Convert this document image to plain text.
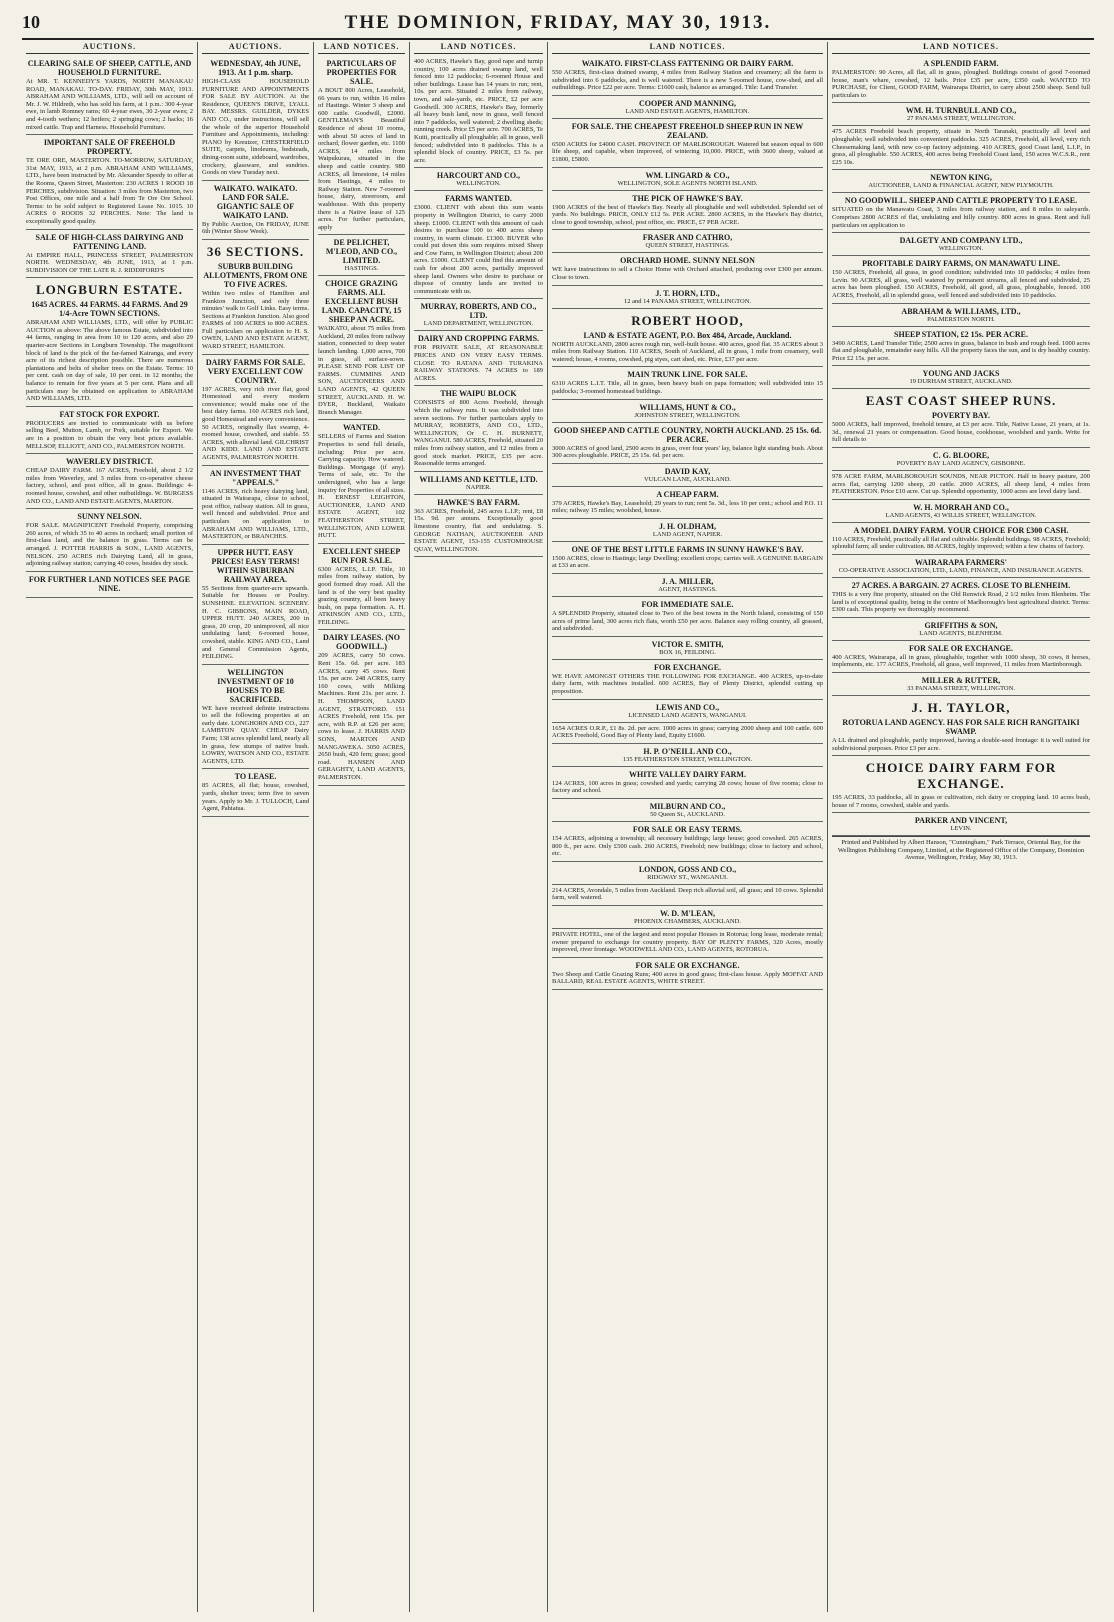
10	THE DOMINION, FRIDAY, MAY 30, 1913.
AUCTIONS.
CLEARING SALE OF SHEEP, CATTLE, AND HOUSEHOLD FURNITURE.
At MR. T. KENNEDY'S YARDS, NORTH MANAKAU ROAD, MANAKAU. TO-DAY. FRIDAY, 30th MAY, 1913. ABRAHAM AND WILLIAMS, LTD., will sell on account of Mr. J. W. Hildreth, who has sold his farm, at 1 p.m.: 300 4-year ewe, in lamb Romney rams; 60 4-year ewes, 30 2-year ewes; 2 and 4-tooth wethers; 12 heifers; 2 springing cows; 2 hacks; 16 mixed cattle. Trap and Harness. Household Furniture.
IMPORTANT SALE OF FREEHOLD PROPERTY.
TE ORE ORE, MASTERTON. TO-MORROW, SATURDAY, 31st MAY, 1913, at 2 p.m. ABRAHAM AND WILLIAMS, LTD., have been instructed by Mr. Alexander Speedy to offer at the Rooms, Queen Street, Masterton: 230 ACRES 1 ROOD 18 PERCHES, subdivision. Situation: 3 miles from Masterton, two Post Offices, one mile and a half from Te Ore Ore School. Terms: to be sold subject to Registered Lease No. 1015. 10 ACRES 0 ROODS 32 PERCHES. Note: The land is exceptionally good quality.
SALE OF HIGH-CLASS DAIRYING AND FATTENING LAND.
At EMPIRE HALL, PRINCESS STREET, PALMERSTON NORTH. WEDNESDAY, 4th JUNE, 1913, at 1 p.m. SUBDIVISION OF THE LATE R. J. RIDDIFORD'S
LONGBURN ESTATE.
1645 ACRES. 44 FARMS. 44 FARMS. And 29 1/4-Acre TOWN SECTIONS.
ABRAHAM AND WILLIAMS, LTD., will offer by PUBLIC AUCTION as above: The above famous Estate, subdivided into 44 farms, ranging in area from 10 to 120 acres, and also 29 quarter-acre Sections in Longburn Township. The magnificent block of land is the pick of the far-famed Kairanga, and every acre of its richest description possible. There are numerous plantations and belts of shelter trees on the Estate. Terms: 10 per cent. cash on day of sale, 10 per cent. in 12 months; the balance to remain for five years at 5 per cent. Plans and all particulars may be obtained on application to ABRAHAM AND WILLIAMS, LTD.
FAT STOCK FOR EXPORT.
PRODUCERS are invited to communicate with us before selling Beef, Mutton, Lamb, or Pork, suitable for Export. We are in a position to obtain the very best prices available. MELLSOP, ELLIOTT, AND CO., PALMERSTON NORTH.
WAVERLEY DISTRICT.
CHEAP DAIRY FARM. 167 ACRES, Freehold, about 2 1/2 miles from Waverley, and 3 miles from co-operative cheese factory, school, and post office, all in grass. Buildings: 4-roomed house, cowshed, and other outbuildings. W. BURGESS AND CO., LAND AND ESTATE AGENTS, MARTON.
SUNNY NELSON.
FOR SALE. MAGNIFICENT Freehold Property, comprising 260 acres, of which 35 to 40 acres in orchard; small portion of first-class land, and the balance in grass. Terms can be arranged. J. POTTER HARRIS & SON., LAND AGENTS, NELSON. 250 ACRES rich Dairying Land, all in grass, adjoining railway station; carrying 40 cows, besides dry stock.
FOR FURTHER LAND NOTICES SEE PAGE NINE.
AUCTIONS.
WEDNESDAY, 4th JUNE, 1913. At 1 p.m. sharp.
HIGH-CLASS HOUSEHOLD FURNITURE AND APPOINTMENTS FOR SALE BY AUCTION. At the Residence, QUEEN'S DRIVE, LYALL BAY. MESSRS. GUILDER, DYKES AND CO., under instructions, will sell the whole of the superior Household Furniture and Appointments, including: PIANO by Kreutzer, CHESTERFIELD SUITE, carpets, linoleums, bedsteads, dining-room suite, sideboard, wardrobes, crockery, glassware, and sundries. Goods on view Tuesday next.
WAIKATO. WAIKATO. LAND FOR SALE. GIGANTIC SALE OF WAIKATO LAND.
By Public Auction, On FRIDAY, JUNE 6th (Winter Show Week).
36 SECTIONS.
SUBURB BUILDING ALLOTMENTS, FROM ONE TO FIVE ACRES.
Within two miles of Hamilton and Frankton Junction, and only three minutes' walk to Golf Links. Easy terms. Sections at Frankton Junction. Also good FARMS of 100 ACRES to 800 ACRES. Full particulars on application to H. S. OWEN, LAND AND ESTATE AGENT, WARD STREET, HAMILTON.
DAIRY FARMS FOR SALE. VERY EXCELLENT COW COUNTRY.
197 ACRES, very rich river flat, good Homestead and every modern convenience; would make one of the best dairy farms. 160 ACRES rich land, good Homestead and every convenience. 50 ACRES, originally flax swamp, 4-roomed house, cowshed, and stable. 55 ACRES, with alluvial land. GILCHRIST AND KIDD. LAND AND ESTATE AGENTS, PALMERSTON NORTH.
AN INVESTMENT THAT "APPEALS."
1146 ACRES, rich heavy dairying land, situated in Wairarapa, close to school, post office, railway station. All in grass, well fenced and subdivided. Price and particulars on application to ABRAHAM AND WILLIAMS, LTD., MASTERTON, or BRANCHES.
UPPER HUTT. EASY PRICES! EASY TERMS! WITHIN SUBURBAN RAILWAY AREA.
55 Sections from quarter-acre upwards. Suitable for Houses or Poultry. SUNSHINE. ELEVATION. SCENERY. H. C. GIBBONS, MAIN ROAD, UPPER HUTT. 240 ACRES, 200 in grass, 20 crop, 20 unimproved, all nice undulating land; 6-roomed house, cowshed, stable. KING AND CO., Land and General Commission Agents, FEILDING.
WELLINGTON INVESTMENT OF 10 HOUSES TO BE SACRIFICED.
WE have received definite instructions to sell the following properties at an early date. LONGHORN AND CO., 227 LAMBTON QUAY. CHEAP Dairy Farm; 138 acres splendid land, nearly all in grass, few stumps of native bush. LOWRY, WATSON AND CO., ESTATE AGENTS, LTD.
TO LEASE.
85 ACRES, all flat; house, cowshed, yards, shelter trees; term five to seven years. Apply to Mr. J. TULLOCH, Land Agent, Pahiatua.
LAND NOTICES.
PARTICULARS OF PROPERTIES FOR SALE.
A BOUT 800 Acres, Leasehold, 66 years to run, within 16 miles of Hastings. Winter 3 sheep and 600 cattle. Goodwill, £2000. GENTLEMAN'S Beautiful Residence of about 10 rooms, with about 50 acres of land in orchard, flower garden, etc. 1100 ACRES, 14 miles from Waipukurau, situated in the sheep and cattle country. 980 ACRES, all limestone, 14 miles from Hastings, 4 miles to Railway Station. New 7-roomed house, dairy, storeroom, and washhouse. With this property there is a Native lease of 125 acres. For further particulars, apply
DE PELICHET, M'LEOD, AND CO., LIMITED.
HASTINGS.
CHOICE GRAZING FARMS. ALL EXCELLENT BUSH LAND. CAPACITY, 15 SHEEP AN ACRE.
WAIKATO, about 75 miles from Auckland, 20 miles from railway station, connected to deep water launch landing. 1,000 acres, 700 in grass, all surface-sown. PLEASE SEND FOR LIST OF FARMS. CUMMINS AND SON, AUCTIONEERS AND LAND AGENTS, 42 QUEEN STREET, AUCKLAND. H. W. DYER, Buckland, Waikato Branch Manager.
WANTED.
SELLERS of Farms and Station Properties to send full details, including: Price per acre. Carrying capacity. How watered. Buildings. Mortgage (if any). Terms of sale, etc. To the undersigned, who has a large inquiry for Properties of all sizes. H. ERNEST LEIGHTON, AUCTIONEER, LAND AND ESTATE AGENT, 102 FEATHERSTON STREET, WELLINGTON, AND LOWER HUTT.
EXCELLENT SHEEP RUN FOR SALE.
6300 ACRES, L.I.P. Title, 10 miles from railway station, by good formed dray road. All the land is of the very best quality grazing country, all been heavy bush, on papa formation. A. H. ATKINSON AND CO., LTD., FEILDING.
DAIRY LEASES. (NO GOODWILL.)
209 ACRES, carry 50 cows. Rent 15s. 6d. per acre. 183 ACRES, carry 45 cows. Rent 15s. per acre. 248 ACRES, carry 160 cows, with Milking Machines. Rent 21s. per acre. J. H. THOMPSON, LAND AGENT, STRATFORD. 151 ACRES Freehold, rent 15s. per acre, with R.P. at £26 per acre; cows to lease. J. HARRIS AND SONS, MARTON AND MANGAWEKA. 3050 ACRES, 2650 bush, 420 fern; grass; good road. HANSEN AND GERAGHTY, LAND AGENTS, PALMERSTON.
LAND NOTICES.
400 ACRES, Hawke's Bay, good rape and turnip country, 100 acres drained swamp land, well fenced into 12 paddocks; 6-roomed House and other buildings. Lease has 14 years to run; rent, 10s. per acre. Situated 2 miles from railway, town, and sale-yards, etc. PRICE, £2 per acre Goodwill. 300 ACRES, Hawke's Bay, formerly all heavy bush land, now in grass, well fenced into 7 paddocks, well watered; 2 dwelling sheds; running creek. Price £5 per acre. 700 ACRES, Te Kuiti, practically all ploughable; all in grass, well fenced; subdivided into 8 paddocks. This is a splendid block of country. PRICE, £3 5s. per acre.
HARCOURT AND CO.,
WELLINGTON.
FARMS WANTED.
£3000. CLIENT with about this sum wants property in Wellington District, to carry 2000 sheep. £1000. CLIENT with this amount of cash desires to purchase 100 to 400 acres sheep country, in warm climate. £1300. BUYER who could put down this sum requires mixed Sheep and Cow Farm, in Wellington District; about 200 acres. £1000. CLIENT could find this amount of cash for about 200 acres, partially improved sheep land. Owners who desire to purchase or dispose of country lands are invited to communicate with us.
MURRAY, ROBERTS, AND CO., LTD.
LAND DEPARTMENT, WELLINGTON.
DAIRY AND CROPPING FARMS.
FOR PRIVATE SALE, AT REASONABLE PRICES AND ON VERY EASY TERMS. CLOSE TO RATANA AND TURAKINA RAILWAY STATIONS. 74 ACRES to 189 ACRES.
THE WAIPU BLOCK
CONSISTS of 800 Acres Freehold, through which the railway runs. It was subdivided into seven sections. For further particulars apply to MURRAY, ROBERTS, AND CO., LTD., WELLINGTON, Or C. H. BURNETT, WANGANUI. 580 ACRES, Freehold, situated 20 miles from railway station, and 12 miles from a good stock market. PRICE, £35 per acre. Reasonable terms arranged.
WILLIAMS AND KETTLE, LTD.
NAPIER.
HAWKE'S BAY FARM.
363 ACRES, Freehold, 245 acres L.I.P.; rent, £8 15s. 9d. per annum. Exceptionally good limestone country, flat and undulating. S. GEORGE NATHAN, AUCTIONEER AND ESTATE AGENT, 153-155 CUSTOMHOUSE QUAY, WELLINGTON.
LAND NOTICES.
WAIKATO. FIRST-CLASS FATTENING OR DAIRY FARM.
550 ACRES, first-class drained swamp, 4 miles from Railway Station and creamery; all the farm is subdivided into 6 paddocks, and is well watered. There is a new 5-roomed house, cow-shed, and all outbuildings. Price £22 per acre. Terms: £1600 cash, balance as arranged. Title: Land Transfer.
COOPER AND MANNING,
LAND AND ESTATE AGENTS, HAMILTON.
FOR SALE. THE CHEAPEST FREEHOLD SHEEP RUN IN NEW ZEALAND.
6500 ACRES for £4000 CASH. PROVINCE OF MARLBOROUGH. Watered but season equal to 600 life sheep, and capable, when improved, of wintering 10,000. PRICE, with 3600 sheep, valued at £1800, £5800.
WM. LINGARD & CO.,
WELLINGTON, SOLE AGENTS NORTH ISLAND.
THE PICK OF HAWKE'S BAY.
1900 ACRES of the best of Hawke's Bay. Nearly all ploughable and well subdivided. Splendid set of yards. No buildings. PRICE, ONLY £12 5s. PER ACRE. 2800 ACRES, in the Hawke's Bay district, close to good township, school, post office, etc. PRICE, £7 PER ACRE.
FRASER AND CATHRO,
QUEEN STREET, HASTINGS.
ORCHARD HOME. SUNNY NELSON
WE have instructions to sell a Choice Home with Orchard attached, producing over £300 per annum. Close to town.
J. T. HORN, LTD.,
12 and 14 PANAMA STREET, WELLINGTON.
ROBERT HOOD,
LAND & ESTATE AGENT, P.O. Box 484, Arcade, Auckland.
NORTH AUCKLAND, 2800 acres rough run, well-built house. 400 acres, good flat. 35 ACRES about 3 miles from Railway Station. 110 ACRES, South of Auckland, all in grass, 1 mile from creamery, well watered; house, 4 rooms, cowshed, pig styes, cart shed, etc. Price, £37 per acre.
MAIN TRUNK LINE. FOR SALE.
6310 ACRES L.I.T. Title, all in grass, been heavy bush on papa formation; well subdivided into 15 paddocks; 3-roomed homestead buildings.
WILLIAMS, HUNT & CO.,
JOHNSTON STREET, WELLINGTON.
GOOD SHEEP AND CATTLE COUNTRY, NORTH AUCKLAND. 25 15s. 6d. PER ACRE.
3000 ACRES of good land, 2500 acres in grass, over four years' lay, balance light standing bush. About 300 acres ploughable. PRICE, 25 15s. 6d. per acre.
DAVID KAY,
VULCAN LANE, AUCKLAND.
A CHEAP FARM.
379 ACRES, Hawke's Bay, Leasehold; 29 years to run; rent 5s. 3d., less 10 per cent.; school and P.O. 11 miles; railway 15 miles; woolshed, house.
J. H. OLDHAM,
LAND AGENT, NAPIER.
ONE OF THE BEST LITTLE FARMS IN SUNNY HAWKE'S BAY.
1500 ACRES, close to Hastings; large Dwelling; excellent crops; carries well. A GENUINE BARGAIN at £33 an acre.
J. A. MILLER,
AGENT, HASTINGS.
FOR IMMEDIATE SALE.
A SPLENDID Property, situated close to Two of the best towns in the North Island, consisting of 150 acres of prime land, 300 acres rich flats, worth £50 per acre. Balance easy rolling country, all grassed, and subdivided.
VICTOR E. SMITH,
BOX 16, FEILDING.
FOR EXCHANGE.
WE HAVE AMONGST OTHERS THE FOLLOWING FOR EXCHANGE. 400 ACRES, up-to-date dairy farm, with machines installed. 600 ACRES, Bay of Plenty District, splendid cutting up proposition.
LEWIS AND CO.,
LICENSED LAND AGENTS, WANGANUI.
1654 ACRES O.R.P., £1 8s. 2d. per acre. 1000 acres in grass; carrying 2000 sheep and 100 cattle. 600 ACRES Freehold, Good Bay of Plenty land, Equity £1600.
H. P. O'NEILL AND CO.,
135 FEATHERSTON STREET, WELLINGTON.
WHITE VALLEY DAIRY FARM.
124 ACRES, 100 acres in grass; cowshed and yards; carrying 28 cows; house of five rooms; close to factory and school.
MILBURN AND CO.,
50 Queen St., AUCKLAND.
FOR SALE OR EASY TERMS.
154 ACRES, adjoining a township; all necessary buildings; large house; good cowshed. 265 ACRES, 800 ft., per acre. Only £500 cash. 260 ACRES, Freehold; new buildings; close to factory and school, etc.
LONDON, GOSS AND CO.,
RIDGWAY ST., WANGANUI.
214 ACRES, Avondale, 5 miles from Auckland. Deep rich alluvial soil, all grass; and 10 cows. Splendid farm, well watered.
W. D. M'LEAN,
PHOENIX CHAMBERS, AUCKLAND.
PRIVATE HOTEL, one of the largest and most popular Houses in Rotorua; long lease, moderate rental; owner prepared to exchange for country property. BAY OF PLENTY FARMS, 320 Acres, mostly improved, river frontage. WOODWELL AND CO., LAND AGENTS, ROTORUA.
FOR SALE OR EXCHANGE.
Two Sheep and Cattle Grazing Runs; 400 acres in good grass; first-class house. Apply MOFFAT AND BALLARD, REAL ESTATE AGENTS, WHITE STREET.
LAND NOTICES.
A SPLENDID FARM.
PALMERSTON: 90 Acres, all flat, all in grass, ploughed. Buildings consist of good 7-roomed house, man's whare, cowshed, 12 bails. Price £35 per acre, £350 cash. WANTED TO PURCHASE, for Client, GOOD FARM, Wairarapa District, to carry about 2500 sheep. Send full particulars to
WM. H. TURNBULL AND CO.,
27 PANAMA STREET, WELLINGTON.
475 ACRES Freehold beach property, situate in North Taranaki, practically all level and ploughable; well subdivided into convenient paddocks. 325 ACRES, Freehold, all level, very rich Cheesemaking land, with new co-op factory adjoining. 410 ACRES, good Coast land, L.I.P., in grass, all ploughable. 550 ACRES, 400 acres being Freehold Coast land, 150 acres W.C.S.R., rent £25 10s.
NEWTON KING,
AUCTIONEER, LAND & FINANCIAL AGENT, NEW PLYMOUTH.
NO GOODWILL. SHEEP AND CATTLE PROPERTY TO LEASE.
SITUATED on the Manawatu Coast, 3 miles from railway station, and 8 miles to saleyards. Comprises 2800 ACRES of flat, undulating and hilly country. 800 acres in grass. Rent and full particulars on application to
DALGETY AND COMPANY LTD.,
WELLINGTON.
PROFITABLE DAIRY FARMS, ON MANAWATU LINE.
150 ACRES, Freehold, all grass, in good condition; subdivided into 10 paddocks; 4 miles from Levin. 90 ACRES, all grass, well watered by permanent streams, all fenced and subdivided, 25 acres has been ploughed. 150 ACRES, Freehold, all good, all grass, ploughable, fenced. 100 ACRES, Freehold, all in splendid grass, well fenced and subdivided into 10 paddocks.
ABRAHAM & WILLIAMS, LTD.,
PALMERSTON NORTH.
SHEEP STATION, £2 15s. PER ACRE.
3490 ACRES, Land Transfer Title; 2500 acres in grass, balance in bush and rough feed. 1000 acres flat and ploughable, remainder easy hills. All the property faces the sun, and is dry healthy country. Price £2 15s. per acre.
YOUNG AND JACKS
19 DURHAM STREET, AUCKLAND.
EAST COAST SHEEP RUNS.
POVERTY BAY.
5000 ACRES, half improved, freehold tenure, at £3 per acre. Title, Native Lease, 21 years, at 1s. 3d., renewal 21 years or compensation. Good house, cookhouse, woolshed and yards. Write for full details to
C. G. BLOORE,
POVERTY BAY LAND AGENCY, GISBORNE.
978 ACRE FARM, MARLBOROUGH SOUNDS, NEAR PICTON. Half in heavy pasture, 200 acres flat, carrying 1200 sheep, 20 cattle. 2000 ACRES, all sheep land, 4 miles from FEATHERSTON. Price £10 acre. Cut up. Splendid opportunity, 1000 acres are level dairy land.
W. H. MORRAH AND CO.,
LAND AGENTS, 43 WILLIS STREET, WELLINGTON.
A MODEL DAIRY FARM. YOUR CHOICE FOR £300 CASH.
110 ACRES, Freehold, practically all flat and cultivable. Splendid buildings. 98 ACRES, Freehold; splendid farm; all under cultivation. 88 ACRES, highly improved; within a few chains of factory.
WAIRARAPA FARMERS'
CO-OPERATIVE ASSOCIATION, LTD., LAND, FINANCE, AND INSURANCE AGENTS.
27 ACRES. A BARGAIN. 27 ACRES. CLOSE TO BLENHEIM.
THIS is a very fine property, situated on the Old Renwick Road, 2 1/2 miles from Blenheim. The land is of exceptional quality, being in the centre of Marlborough's best agricultural district. Terms: £300 cash. This property we thoroughly recommend.
GRIFFITHS & SON,
LAND AGENTS, BLENHEIM.
FOR SALE OR EXCHANGE.
400 ACRES, Wairarapa, all in grass, ploughable, together with 1000 sheep, 30 cows, 8 horses, implements, etc. 177 ACRES, Freehold, all grass, well improved, 11 miles from Martinborough.
MILLER & RUTTER,
33 PANAMA STREET, WELLINGTON.
J. H. TAYLOR,
ROTORUA LAND AGENCY. HAS FOR SALE RICH RANGITAIKI SWAMP.
A LL drained and ploughable, partly improved, having a double-seed frontage: it is well suited for subdivisional purposes. Price £3 per acre.
CHOICE DAIRY FARM FOR EXCHANGE.
195 ACRES, 33 paddocks, all in grass or cultivation, rich dairy or cropping land. 10 acres bush, house of 7 rooms, cowshed, stable and yards.
PARKER AND VINCENT,
LEVIN.
Printed and Published by Albert Hanson, "Cunningham," Park Terrace, Oriental Bay, for the Wellington Publishing Company, Limited, at the Registered Office of the Company, Dominion Avenue, Wellington, Friday, May 30, 1913.
